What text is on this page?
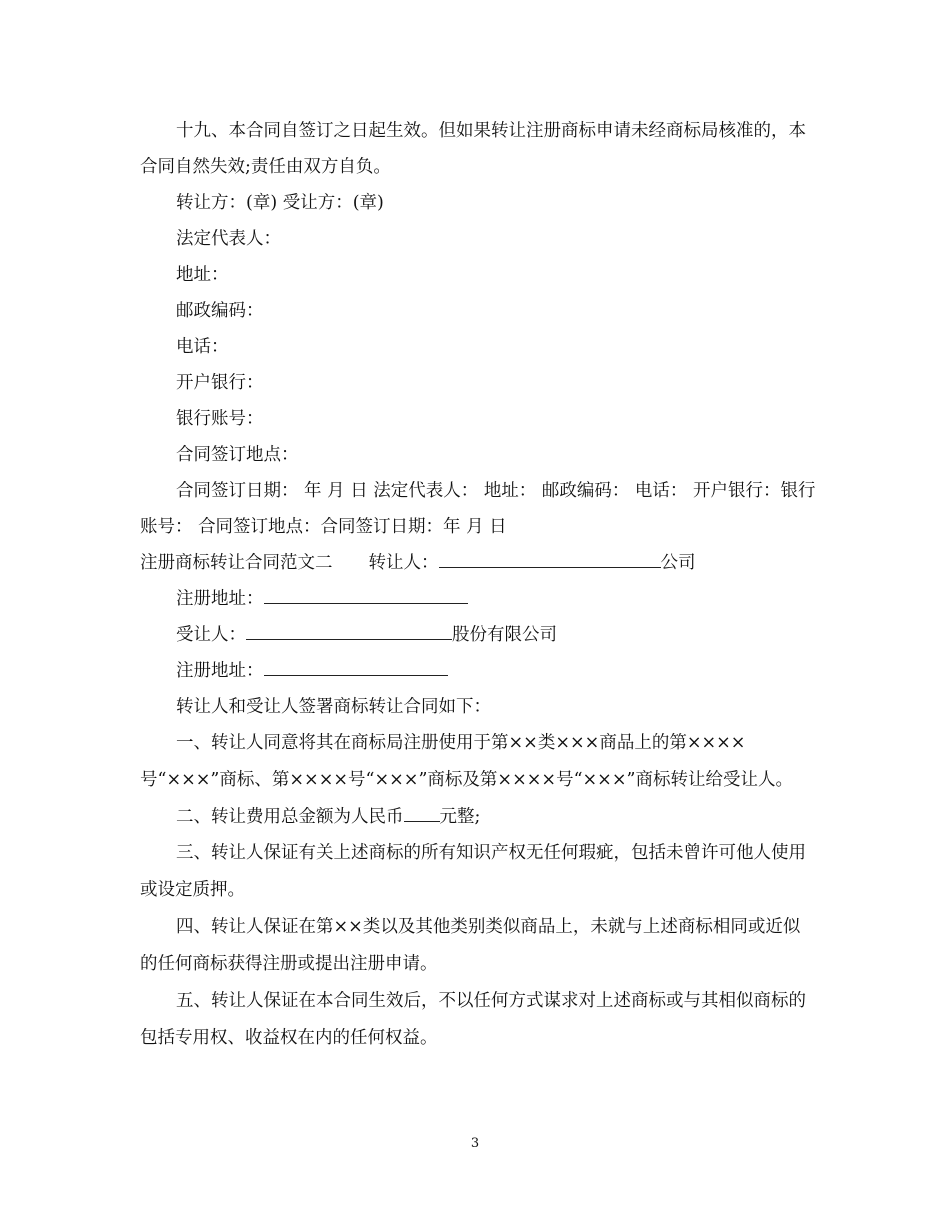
十九、本合同自签订之日起生效。但如果转让注册商标申请未经商标局核准的，本合同自然失效;责任由双方自负。

转让方：(章) 受让方：(章)

法定代表人：

地址：

邮政编码：

电话：

开户银行：

银行账号：

合同签订地点：

合同签订日期： 年 月 日 法定代表人： 地址： 邮政编码： 电话： 开户银行：银行账号： 合同签订地点：合同签订日期：年 月 日

注册商标转让合同范文二 转让人：	公司

注册地址：

受让人：	股份有限公司

注册地址：

转让人和受让人签署商标转让合同如下：

一、转让人同意将其在商标局注册使用于第××类×××商品上的第××××号“×××”商标、第××××号“×××”商标及第××××号“×××”商标转让给受让人。

二、转让费用总金额为人民币 元整;

三、转让人保证有关上述商标的所有知识产权无任何瑕疵，包括未曾许可他人使用或设定质押。

四、转让人保证在第××类以及其他类别类似商品上，未就与上述商标相同或近似的任何商标获得注册或提出注册申请。

五、转让人保证在本合同生效后，不以任何方式谋求对上述商标或与其相似商标的包括专用权、收益权在内的任何权益。

3
